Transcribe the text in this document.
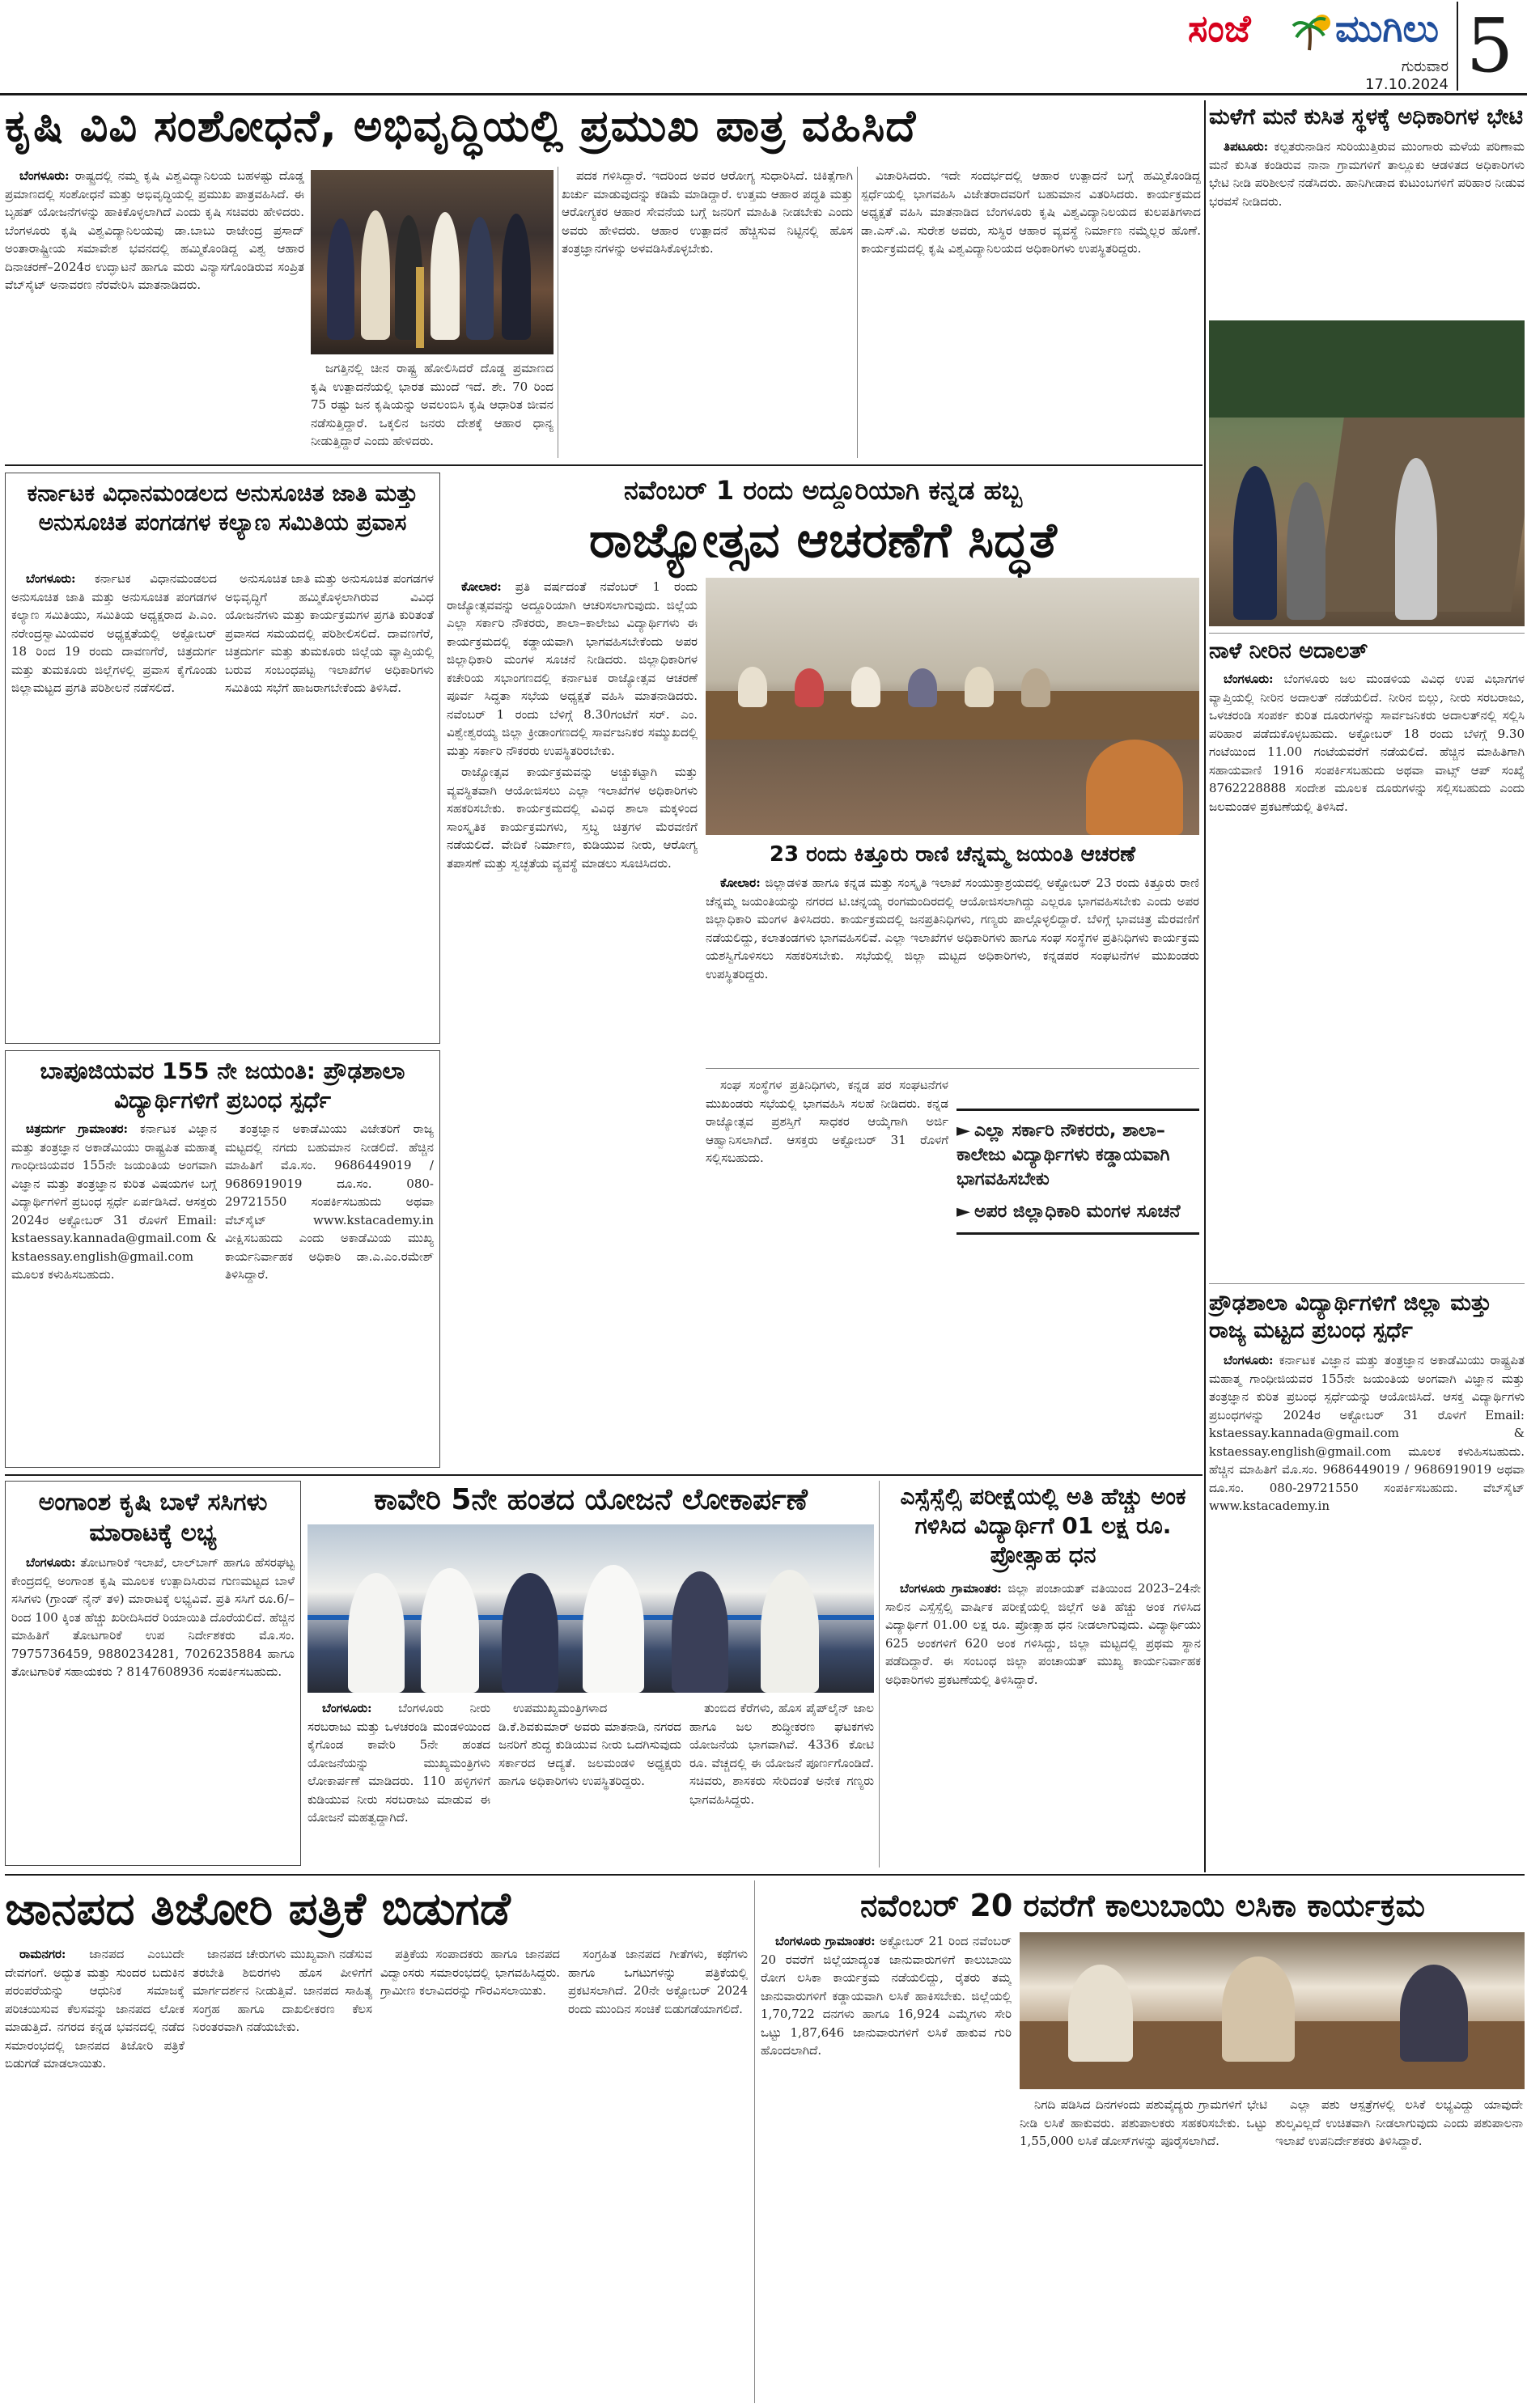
ಸಂಜೆ ಮುಗಿಲು
ಗುರುವಾರ
17.10.2024 5
ಕೃಷಿ ವಿವಿ ಸಂಶೋಧನೆ, ಅಭಿವೃದ್ಧಿಯಲ್ಲಿ ಪ್ರಮುಖ ಪಾತ್ರ ವಹಿಸಿದೆ

ಬೆಂಗಳೂರು: ರಾಷ್ಟ್ರದಲ್ಲಿ ನಮ್ಮ ಕೃಷಿ ವಿಶ್ವವಿದ್ಯಾನಿಲಯ ಬಹಳಷ್ಟು ದೊಡ್ಡ ಪ್ರಮಾಣದಲ್ಲಿ ಸಂಶೋಧನೆ ಮತ್ತು ಅಭಿವೃದ್ಧಿಯಲ್ಲಿ ಪ್ರಮುಖ ಪಾತ್ರವಹಿಸಿದೆ. ಈ ಬೃಹತ್ ಯೋಜನೆಗಳನ್ನು ಹಾಕಿಕೊಳ್ಳಲಾಗಿದೆ ಎಂದು ಕೃಷಿ ಸಚಿವರು ಹೇಳಿದರು. ಬೆಂಗಳೂರು ಕೃಷಿ ವಿಶ್ವವಿದ್ಯಾನಿಲಯವು ಡಾ.ಬಾಬು ರಾಜೇಂದ್ರ ಪ್ರಸಾದ್ ಅಂತಾರಾಷ್ಟ್ರೀಯ ಸಮಾವೇಶ ಭವನದಲ್ಲಿ ಹಮ್ಮಿಕೊಂಡಿದ್ದ ವಿಶ್ವ ಆಹಾರ ದಿನಾಚರಣೆ–2024ರ ಉದ್ಘಾಟನೆ ಹಾಗೂ ಮರು ವಿನ್ಯಾಸಗೊಂಡಿರುವ ಸಂಪ್ರಿತ ವೆಬ್‌ಸೈಟ್ ಅನಾವರಣ ನೆರವೇರಿಸಿ ಮಾತನಾಡಿದರು.

ಜಗತ್ತಿನಲ್ಲಿ ಚೀನ ರಾಷ್ಟ್ರ ಹೋಲಿಸಿದರೆ ದೊಡ್ಡ ಪ್ರಮಾಣದ ಕೃಷಿ ಉತ್ಪಾದನೆಯಲ್ಲಿ ಭಾರತ ಮುಂದೆ ಇದೆ. ಶೇ. 70 ರಿಂದ 75 ರಷ್ಟು ಜನ ಕೃಷಿಯನ್ನು ಅವಲಂಬಿಸಿ ಕೃಷಿ ಆಧಾರಿತ ಜೀವನ ನಡೆಸುತ್ತಿದ್ದಾರೆ. ಒಕ್ಕಲಿನ ಜನರು ದೇಶಕ್ಕೆ ಆಹಾರ ಧಾನ್ಯ ನೀಡುತ್ತಿದ್ದಾರೆ ಎಂದು ಹೇಳಿದರು.

ಪದಕ ಗಳಿಸಿದ್ದಾರೆ. ಇದರಿಂದ ಅವರ ಆರೋಗ್ಯ ಸುಧಾರಿಸಿದೆ. ಚಿಕಿತ್ಸೆಗಾಗಿ ಖರ್ಚು ಮಾಡುವುದನ್ನು ಕಡಿಮೆ ಮಾಡಿದ್ದಾರೆ. ಉತ್ತಮ ಆಹಾರ ಪದ್ಧತಿ ಮತ್ತು ಆರೋಗ್ಯಕರ ಆಹಾರ ಸೇವನೆಯ ಬಗ್ಗೆ ಜನರಿಗೆ ಮಾಹಿತಿ ನೀಡಬೇಕು ಎಂದು ಅವರು ಹೇಳಿದರು. ಆಹಾರ ಉತ್ಪಾದನೆ ಹೆಚ್ಚಿಸುವ ನಿಟ್ಟಿನಲ್ಲಿ ಹೊಸ ತಂತ್ರಜ್ಞಾನಗಳನ್ನು ಅಳವಡಿಸಿಕೊಳ್ಳಬೇಕು.

ವಿಚಾರಿಸಿದರು. ಇದೇ ಸಂದರ್ಭದಲ್ಲಿ ಆಹಾರ ಉತ್ಪಾದನೆ ಬಗ್ಗೆ ಹಮ್ಮಿಕೊಂಡಿದ್ದ ಸ್ಪರ್ಧೆಯಲ್ಲಿ ಭಾಗವಹಿಸಿ ವಿಜೇತರಾದವರಿಗೆ ಬಹುಮಾನ ವಿತರಿಸಿದರು. ಕಾರ್ಯಕ್ರಮದ ಅಧ್ಯಕ್ಷತೆ ವಹಿಸಿ ಮಾತನಾಡಿದ ಬೆಂಗಳೂರು ಕೃಷಿ ವಿಶ್ವವಿದ್ಯಾನಿಲಯದ ಕುಲಪತಿಗಳಾದ ಡಾ.ಎಸ್.ವಿ. ಸುರೇಶ ಅವರು, ಸುಸ್ಥಿರ ಆಹಾರ ವ್ಯವಸ್ಥೆ ನಿರ್ಮಾಣ ನಮ್ಮೆಲ್ಲರ ಹೊಣೆ. ಕಾರ್ಯಕ್ರಮದಲ್ಲಿ ಕೃಷಿ ವಿಶ್ವವಿದ್ಯಾನಿಲಯದ ಅಧಿಕಾರಿಗಳು ಉಪಸ್ಥಿತರಿದ್ದರು.

ಮಳೆಗೆ ಮನೆ ಕುಸಿತ ಸ್ಥಳಕ್ಕೆ ಅಧಿಕಾರಿಗಳ ಭೇಟಿ

ತಿಪಟೂರು: ಕಲ್ಪತರುನಾಡಿನ ಸುರಿಯುತ್ತಿರುವ ಮುಂಗಾರು ಮಳೆಯ ಪರಿಣಾಮ ಮನೆ ಕುಸಿತ ಕಂಡಿರುವ ನಾನಾ ಗ್ರಾಮಗಳಿಗೆ ತಾಲ್ಲೂಕು ಆಡಳಿತದ ಅಧಿಕಾರಿಗಳು ಭೇಟಿ ನೀಡಿ ಪರಿಶೀಲನೆ ನಡೆಸಿದರು. ಹಾನಿಗೀಡಾದ ಕುಟುಂಬಗಳಿಗೆ ಪರಿಹಾರ ನೀಡುವ ಭರವಸೆ ನೀಡಿದರು.

ನಾಳೆ ನೀರಿನ ಅದಾಲತ್

ಬೆಂಗಳೂರು: ಬೆಂಗಳೂರು ಜಲ ಮಂಡಳಿಯ ವಿವಿಧ ಉಪ ವಿಭಾಗಗಳ ವ್ಯಾಪ್ತಿಯಲ್ಲಿ ನೀರಿನ ಅದಾಲತ್ ನಡೆಯಲಿದೆ. ನೀರಿನ ಬಿಲ್ಲು, ನೀರು ಸರಬರಾಜು, ಒಳಚರಂಡಿ ಸಂಪರ್ಕ ಕುರಿತ ದೂರುಗಳನ್ನು ಸಾರ್ವಜನಿಕರು ಅದಾಲತ್‌ನಲ್ಲಿ ಸಲ್ಲಿಸಿ ಪರಿಹಾರ ಪಡೆದುಕೊಳ್ಳಬಹುದು. ಅಕ್ಟೋಬರ್ 18 ರಂದು ಬೆಳಗ್ಗೆ 9.30 ಗಂಟೆಯಿಂದ 11.00 ಗಂಟೆಯವರೆಗೆ ನಡೆಯಲಿದೆ. ಹೆಚ್ಚಿನ ಮಾಹಿತಿಗಾಗಿ ಸಹಾಯವಾಣಿ 1916 ಸಂಪರ್ಕಿಸಬಹುದು ಅಥವಾ ವಾಟ್ಸ್ ಆಪ್ ಸಂಖ್ಯೆ 8762228888 ಸಂದೇಶ ಮೂಲಕ ದೂರುಗಳನ್ನು ಸಲ್ಲಿಸಬಹುದು ಎಂದು ಜಲಮಂಡಳಿ ಪ್ರಕಟಣೆಯಲ್ಲಿ ತಿಳಿಸಿದೆ.

ಪ್ರೌಢಶಾಲಾ ವಿದ್ಯಾರ್ಥಿಗಳಿಗೆ ಜಿಲ್ಲಾ ಮತ್ತು ರಾಜ್ಯ ಮಟ್ಟದ ಪ್ರಬಂಧ ಸ್ಪರ್ಧೆ

ಬೆಂಗಳೂರು: ಕರ್ನಾಟಕ ವಿಜ್ಞಾನ ಮತ್ತು ತಂತ್ರಜ್ಞಾನ ಅಕಾಡೆಮಿಯು ರಾಷ್ಟ್ರಪಿತ ಮಹಾತ್ಮ ಗಾಂಧೀಜಿಯವರ 155ನೇ ಜಯಂತಿಯ ಅಂಗವಾಗಿ ವಿಜ್ಞಾನ ಮತ್ತು ತಂತ್ರಜ್ಞಾನ ಕುರಿತ ಪ್ರಬಂಧ ಸ್ಪರ್ಧೆಯನ್ನು ಆಯೋಜಿಸಿದೆ. ಆಸಕ್ತ ವಿದ್ಯಾರ್ಥಿಗಳು ಪ್ರಬಂಧಗಳನ್ನು 2024ರ ಅಕ್ಟೋಬರ್ 31 ರೊಳಗೆ Email: kstaessay.kannada@gmail.com & kstaessay.english@gmail.com ಮೂಲಕ ಕಳುಹಿಸಬಹುದು. ಹೆಚ್ಚಿನ ಮಾಹಿತಿಗೆ ಮೊ.ಸಂ. 9686449019 / 9686919019 ಅಥವಾ ದೂ.ಸಂ. 080-29721550 ಸಂಪರ್ಕಿಸಬಹುದು. ವೆಬ್‌ಸೈಟ್ www.kstacademy.in

ಕರ್ನಾಟಕ ವಿಧಾನಮಂಡಲದ ಅನುಸೂಚಿತ ಜಾತಿ ಮತ್ತು ಅನುಸೂಚಿತ ಪಂಗಡಗಳ ಕಲ್ಯಾಣ ಸಮಿತಿಯ ಪ್ರವಾಸ

ಬೆಂಗಳೂರು: ಕರ್ನಾಟಕ ವಿಧಾನಮಂಡಲದ ಅನುಸೂಚಿತ ಜಾತಿ ಮತ್ತು ಅನುಸೂಚಿತ ಪಂಗಡಗಳ ಕಲ್ಯಾಣ ಸಮಿತಿಯು, ಸಮಿತಿಯ ಅಧ್ಯಕ್ಷರಾದ ಪಿ.ಎಂ. ನರೇಂದ್ರಸ್ವಾಮಿಯವರ ಅಧ್ಯಕ್ಷತೆಯಲ್ಲಿ ಅಕ್ಟೋಬರ್ 18 ರಿಂದ 19 ರಂದು ದಾವಣಗೆರೆ, ಚಿತ್ರದುರ್ಗ ಮತ್ತು ತುಮಕೂರು ಜಿಲ್ಲೆಗಳಲ್ಲಿ ಪ್ರವಾಸ ಕೈಗೊಂಡು ಜಿಲ್ಲಾಮಟ್ಟದ ಪ್ರಗತಿ ಪರಿಶೀಲನೆ ನಡೆಸಲಿದೆ.

ಅನುಸೂಚಿತ ಜಾತಿ ಮತ್ತು ಅನುಸೂಚಿತ ಪಂಗಡಗಳ ಅಭಿವೃದ್ಧಿಗೆ ಹಮ್ಮಿಕೊಳ್ಳಲಾಗಿರುವ ವಿವಿಧ ಯೋಜನೆಗಳು ಮತ್ತು ಕಾರ್ಯಕ್ರಮಗಳ ಪ್ರಗತಿ ಕುರಿತಂತೆ ಪ್ರವಾಸದ ಸಮಯದಲ್ಲಿ ಪರಿಶೀಲಿಸಲಿದೆ. ದಾವಣಗೆರೆ, ಚಿತ್ರದುರ್ಗ ಮತ್ತು ತುಮಕೂರು ಜಿಲ್ಲೆಯ ವ್ಯಾಪ್ತಿಯಲ್ಲಿ ಬರುವ ಸಂಬಂಧಪಟ್ಟ ಇಲಾಖೆಗಳ ಅಧಿಕಾರಿಗಳು ಸಮಿತಿಯ ಸಭೆಗೆ ಹಾಜರಾಗಬೇಕೆಂದು ತಿಳಿಸಿದೆ.

ಬಾಪೂಜಿಯವರ 155 ನೇ ಜಯಂತಿ: ಪ್ರೌಢಶಾಲಾ ವಿದ್ಯಾರ್ಥಿಗಳಿಗೆ ಪ್ರಬಂಧ ಸ್ಪರ್ಧೆ

ಚಿತ್ರದುರ್ಗ ಗ್ರಾಮಾಂತರ: ಕರ್ನಾಟಕ ವಿಜ್ಞಾನ ಮತ್ತು ತಂತ್ರಜ್ಞಾನ ಅಕಾಡೆಮಿಯು ರಾಷ್ಟ್ರಪಿತ ಮಹಾತ್ಮ ಗಾಂಧೀಜಿಯವರ 155ನೇ ಜಯಂತಿಯ ಅಂಗವಾಗಿ ವಿಜ್ಞಾನ ಮತ್ತು ತಂತ್ರಜ್ಞಾನ ಕುರಿತ ವಿಷಯಗಳ ಬಗ್ಗೆ ವಿದ್ಯಾರ್ಥಿಗಳಿಗೆ ಪ್ರಬಂಧ ಸ್ಪರ್ಧೆ ಏರ್ಪಡಿಸಿದೆ. ಆಸಕ್ತರು 2024ರ ಅಕ್ಟೋಬರ್ 31 ರೊಳಗೆ Email: kstaessay.kannada@gmail.com & kstaessay.english@gmail.com ಮೂಲಕ ಕಳುಹಿಸಬಹುದು.

ತಂತ್ರಜ್ಞಾನ ಅಕಾಡೆಮಿಯು ವಿಜೇತರಿಗೆ ರಾಜ್ಯ ಮಟ್ಟದಲ್ಲಿ ನಗದು ಬಹುಮಾನ ನೀಡಲಿದೆ. ಹೆಚ್ಚಿನ ಮಾಹಿತಿಗೆ ಮೊ.ಸಂ. 9686449019 / 9686919019 ದೂ.ಸಂ. 080-29721550 ಸಂಪರ್ಕಿಸಬಹುದು ಅಥವಾ ವೆಬ್‌ಸೈಟ್ www.kstacademy.in ವೀಕ್ಷಿಸಬಹುದು ಎಂದು ಅಕಾಡೆಮಿಯ ಮುಖ್ಯ ಕಾರ್ಯನಿರ್ವಾಹಕ ಅಧಿಕಾರಿ ಡಾ.ಎ.ಎಂ.ರಮೇಶ್ ತಿಳಿಸಿದ್ದಾರೆ.

ನವೆಂಬರ್ 1 ರಂದು ಅದ್ದೂರಿಯಾಗಿ ಕನ್ನಡ ಹಬ್ಬ
ರಾಜ್ಯೋತ್ಸವ ಆಚರಣೆಗೆ ಸಿದ್ಧತೆ

ಕೋಲಾರ: ಪ್ರತಿ ವರ್ಷದಂತೆ ನವೆಂಬರ್ 1 ರಂದು ರಾಜ್ಯೋತ್ಸವವನ್ನು ಅದ್ದೂರಿಯಾಗಿ ಆಚರಿಸಲಾಗುವುದು. ಜಿಲ್ಲೆಯ ಎಲ್ಲಾ ಸರ್ಕಾರಿ ನೌಕರರು, ಶಾಲಾ–ಕಾಲೇಜು ವಿದ್ಯಾರ್ಥಿಗಳು ಈ ಕಾರ್ಯಕ್ರಮದಲ್ಲಿ ಕಡ್ಡಾಯವಾಗಿ ಭಾಗವಹಿಸಬೇಕೆಂದು ಅಪರ ಜಿಲ್ಲಾಧಿಕಾರಿ ಮಂಗಳ ಸೂಚನೆ ನೀಡಿದರು. ಜಿಲ್ಲಾಧಿಕಾರಿಗಳ ಕಚೇರಿಯ ಸಭಾಂಗಣದಲ್ಲಿ ಕರ್ನಾಟಕ ರಾಜ್ಯೋತ್ಸವ ಆಚರಣೆ ಪೂರ್ವ ಸಿದ್ಧತಾ ಸಭೆಯ ಅಧ್ಯಕ್ಷತೆ ವಹಿಸಿ ಮಾತನಾಡಿದರು. ನವೆಂಬರ್ 1 ರಂದು ಬೆಳಿಗ್ಗೆ 8.30ಗಂಟೆಗೆ ಸರ್. ಎಂ. ವಿಶ್ವೇಶ್ವರಯ್ಯ ಜಿಲ್ಲಾ ಕ್ರೀಡಾಂಗಣದಲ್ಲಿ ಸಾರ್ವಜನಿಕರ ಸಮ್ಮುಖದಲ್ಲಿ ಮತ್ತು ಸರ್ಕಾರಿ ನೌಕರರು ಉಪಸ್ಥಿತರಿರಬೇಕು.

ರಾಜ್ಯೋತ್ಸವ ಕಾರ್ಯಕ್ರಮವನ್ನು ಅಚ್ಚುಕಟ್ಟಾಗಿ ಮತ್ತು ವ್ಯವಸ್ಥಿತವಾಗಿ ಆಯೋಜಿಸಲು ಎಲ್ಲಾ ಇಲಾಖೆಗಳ ಅಧಿಕಾರಿಗಳು ಸಹಕರಿಸಬೇಕು. ಕಾರ್ಯಕ್ರಮದಲ್ಲಿ ವಿವಿಧ ಶಾಲಾ ಮಕ್ಕಳಿಂದ ಸಾಂಸ್ಕೃತಿಕ ಕಾರ್ಯಕ್ರಮಗಳು, ಸ್ತಬ್ಧ ಚಿತ್ರಗಳ ಮೆರವಣಿಗೆ ನಡೆಯಲಿದೆ. ವೇದಿಕೆ ನಿರ್ಮಾಣ, ಕುಡಿಯುವ ನೀರು, ಆರೋಗ್ಯ ತಪಾಸಣೆ ಮತ್ತು ಸ್ವಚ್ಛತೆಯ ವ್ಯವಸ್ಥೆ ಮಾಡಲು ಸೂಚಿಸಿದರು.	23 ರಂದು ಕಿತ್ತೂರು ರಾಣಿ ಚೆನ್ನಮ್ಮ ಜಯಂತಿ ಆಚರಣೆ

ಕೋಲಾರ: ಜಿಲ್ಲಾಡಳಿತ ಹಾಗೂ ಕನ್ನಡ ಮತ್ತು ಸಂಸ್ಕೃತಿ ಇಲಾಖೆ ಸಂಯುಕ್ತಾಶ್ರಯದಲ್ಲಿ ಅಕ್ಟೋಬರ್ 23 ರಂದು ಕಿತ್ತೂರು ರಾಣಿ ಚೆನ್ನಮ್ಮ ಜಯಂತಿಯನ್ನು ನಗರದ ಟಿ.ಚನ್ನಯ್ಯ ರಂಗಮಂದಿರದಲ್ಲಿ ಆಯೋಜಿಸಲಾಗಿದ್ದು ಎಲ್ಲರೂ ಭಾಗವಹಿಸಬೇಕು ಎಂದು ಅಪರ ಜಿಲ್ಲಾಧಿಕಾರಿ ಮಂಗಳ ತಿಳಿಸಿದರು. ಕಾರ್ಯಕ್ರಮದಲ್ಲಿ ಜನಪ್ರತಿನಿಧಿಗಳು, ಗಣ್ಯರು ಪಾಲ್ಗೊಳ್ಳಲಿದ್ದಾರೆ. ಬೆಳಿಗ್ಗೆ ಭಾವಚಿತ್ರ ಮೆರವಣಿಗೆ ನಡೆಯಲಿದ್ದು, ಕಲಾತಂಡಗಳು ಭಾಗವಹಿಸಲಿವೆ. ಎಲ್ಲಾ ಇಲಾಖೆಗಳ ಅಧಿಕಾರಿಗಳು ಹಾಗೂ ಸಂಘ ಸಂಸ್ಥೆಗಳ ಪ್ರತಿನಿಧಿಗಳು ಕಾರ್ಯಕ್ರಮ ಯಶಸ್ವಿಗೊಳಿಸಲು ಸಹಕರಿಸಬೇಕು. ಸಭೆಯಲ್ಲಿ ಜಿಲ್ಲಾ ಮಟ್ಟದ ಅಧಿಕಾರಿಗಳು, ಕನ್ನಡಪರ ಸಂಘಟನೆಗಳ ಮುಖಂಡರು ಉಪಸ್ಥಿತರಿದ್ದರು.

ಸಂಘ ಸಂಸ್ಥೆಗಳ ಪ್ರತಿನಿಧಿಗಳು, ಕನ್ನಡ ಪರ ಸಂಘಟನೆಗಳ ಮುಖಂಡರು ಸಭೆಯಲ್ಲಿ ಭಾಗವಹಿಸಿ ಸಲಹೆ ನೀಡಿದರು. ಕನ್ನಡ ರಾಜ್ಯೋತ್ಸವ ಪ್ರಶಸ್ತಿಗೆ ಸಾಧಕರ ಆಯ್ಕೆಗಾಗಿ ಅರ್ಜಿ ಆಹ್ವಾನಿಸಲಾಗಿದೆ. ಆಸಕ್ತರು ಅಕ್ಟೋಬರ್ 31 ರೊಳಗೆ ಸಲ್ಲಿಸಬಹುದು.

► ಎಲ್ಲಾ ಸರ್ಕಾರಿ ನೌಕರರು, ಶಾಲಾ–ಕಾಲೇಜು ವಿದ್ಯಾರ್ಥಿಗಳು ಕಡ್ಡಾಯವಾಗಿ ಭಾಗವಹಿಸಬೇಕು
► ಅಪರ ಜಿಲ್ಲಾಧಿಕಾರಿ ಮಂಗಳ ಸೂಚನೆ
ಅಂಗಾಂಶ ಕೃಷಿ ಬಾಳೆ ಸಸಿಗಳು ಮಾರಾಟಕ್ಕೆ ಲಭ್ಯ

ಬೆಂಗಳೂರು: ತೋಟಗಾರಿಕೆ ಇಲಾಖೆ, ಲಾಲ್‌ಬಾಗ್ ಹಾಗೂ ಹೆಸರಘಟ್ಟ ಕೇಂದ್ರದಲ್ಲಿ ಅಂಗಾಂಶ ಕೃಷಿ ಮೂಲಕ ಉತ್ಪಾದಿಸಿರುವ ಗುಣಮಟ್ಟದ ಬಾಳೆ ಸಸಿಗಳು (ಗ್ರಾಂಡ್ ನೈನ್ ತಳಿ) ಮಾರಾಟಕ್ಕೆ ಲಭ್ಯವಿವೆ. ಪ್ರತಿ ಸಸಿಗೆ ರೂ.6/– ರಿಂದ 100 ಕ್ಕಿಂತ ಹೆಚ್ಚು ಖರೀದಿಸಿದರೆ ರಿಯಾಯಿತಿ ದೊರೆಯಲಿದೆ. ಹೆಚ್ಚಿನ ಮಾಹಿತಿಗೆ ತೋಟಗಾರಿಕೆ ಉಪ ನಿರ್ದೇಶಕರು ಮೊ.ಸಂ. 7975736459, 9880234281, 7026235884 ಹಾಗೂ ತೋಟಗಾರಿಕೆ ಸಹಾಯಕರು ? 8147608936 ಸಂಪರ್ಕಿಸಬಹುದು.

ಕಾವೇರಿ 5ನೇ ಹಂತದ ಯೋಜನೆ ಲೋಕಾರ್ಪಣೆ

ಬೆಂಗಳೂರು: ಬೆಂಗಳೂರು ನೀರು ಸರಬರಾಜು ಮತ್ತು ಒಳಚರಂಡಿ ಮಂಡಳಿಯಿಂದ ಕೈಗೊಂಡ ಕಾವೇರಿ 5ನೇ ಹಂತದ ಯೋಜನೆಯನ್ನು ಮುಖ್ಯಮಂತ್ರಿಗಳು ಲೋಕಾರ್ಪಣೆ ಮಾಡಿದರು. 110 ಹಳ್ಳಿಗಳಿಗೆ ಕುಡಿಯುವ ನೀರು ಸರಬರಾಜು ಮಾಡುವ ಈ ಯೋಜನೆ ಮಹತ್ವದ್ದಾಗಿದೆ.

ಉಪಮುಖ್ಯಮಂತ್ರಿಗಳಾದ ಡಿ.ಕೆ.ಶಿವಕುಮಾರ್ ಅವರು ಮಾತನಾಡಿ, ನಗರದ ಜನರಿಗೆ ಶುದ್ಧ ಕುಡಿಯುವ ನೀರು ಒದಗಿಸುವುದು ಸರ್ಕಾರದ ಆದ್ಯತೆ. ಜಲಮಂಡಳಿ ಅಧ್ಯಕ್ಷರು ಹಾಗೂ ಅಧಿಕಾರಿಗಳು ಉಪಸ್ಥಿತರಿದ್ದರು.

ತುಂಬಿದ ಕೆರೆಗಳು, ಹೊಸ ಪೈಪ್‌ಲೈನ್ ಜಾಲ ಹಾಗೂ ಜಲ ಶುದ್ಧೀಕರಣ ಘಟಕಗಳು ಯೋಜನೆಯ ಭಾಗವಾಗಿವೆ. 4336 ಕೋಟಿ ರೂ. ವೆಚ್ಚದಲ್ಲಿ ಈ ಯೋಜನೆ ಪೂರ್ಣಗೊಂಡಿದೆ. ಸಚಿವರು, ಶಾಸಕರು ಸೇರಿದಂತೆ ಅನೇಕ ಗಣ್ಯರು ಭಾಗವಹಿಸಿದ್ದರು.

ಎಸ್ಸೆಸ್ಸೆಲ್ಸಿ ಪರೀಕ್ಷೆಯಲ್ಲಿ ಅತಿ ಹೆಚ್ಚು ಅಂಕ ಗಳಿಸಿದ ವಿದ್ಯಾರ್ಥಿಗೆ 01 ಲಕ್ಷ ರೂ. ಪ್ರೋತ್ಸಾಹ ಧನ

ಬೆಂಗಳೂರು ಗ್ರಾಮಾಂತರ: ಜಿಲ್ಲಾ ಪಂಚಾಯತ್ ವತಿಯಿಂದ 2023–24ನೇ ಸಾಲಿನ ಎಸ್ಸೆಸ್ಸೆಲ್ಸಿ ವಾರ್ಷಿಕ ಪರೀಕ್ಷೆಯಲ್ಲಿ ಜಿಲ್ಲೆಗೆ ಅತಿ ಹೆಚ್ಚು ಅಂಕ ಗಳಿಸಿದ ವಿದ್ಯಾರ್ಥಿಗೆ 01.00 ಲಕ್ಷ ರೂ. ಪ್ರೋತ್ಸಾಹ ಧನ ನೀಡಲಾಗುವುದು. ವಿದ್ಯಾರ್ಥಿಯು 625 ಅಂಕಗಳಿಗೆ 620 ಅಂಕ ಗಳಿಸಿದ್ದು, ಜಿಲ್ಲಾ ಮಟ್ಟದಲ್ಲಿ ಪ್ರಥಮ ಸ್ಥಾನ ಪಡೆದಿದ್ದಾರೆ. ಈ ಸಂಬಂಧ ಜಿಲ್ಲಾ ಪಂಚಾಯತ್ ಮುಖ್ಯ ಕಾರ್ಯನಿರ್ವಾಹಕ ಅಧಿಕಾರಿಗಳು ಪ್ರಕಟಣೆಯಲ್ಲಿ ತಿಳಿಸಿದ್ದಾರೆ.

ಜಾನಪದ ತಿಜೋರಿ ಪತ್ರಿಕೆ ಬಿಡುಗಡೆ

ರಾಮನಗರ: ಜಾನಪದ ಎಂಬುದೇ ದೇವಗಂಗೆ. ಅದ್ಭುತ ಮತ್ತು ಸುಂದರ ಬದುಕಿನ ಪರಂಪರೆಯನ್ನು ಆಧುನಿಕ ಸಮಾಜಕ್ಕೆ ಪರಿಚಯಿಸುವ ಕೆಲಸವನ್ನು ಜಾನಪದ ಲೋಕ ಮಾಡುತ್ತಿದೆ. ನಗರದ ಕನ್ನಡ ಭವನದಲ್ಲಿ ನಡೆದ ಸಮಾರಂಭದಲ್ಲಿ ಜಾನಪದ ತಿಜೋರಿ ಪತ್ರಿಕೆ ಬಿಡುಗಡೆ ಮಾಡಲಾಯಿತು.

ಜಾನಪದ ಚೇರುಗಳು ಮುಖ್ಯವಾಗಿ ನಡೆಸುವ ತರಬೇತಿ ಶಿಬಿರಗಳು ಹೊಸ ಪೀಳಿಗೆಗೆ ಮಾರ್ಗದರ್ಶನ ನೀಡುತ್ತಿವೆ. ಜಾನಪದ ಸಾಹಿತ್ಯ ಸಂಗ್ರಹ ಹಾಗೂ ದಾಖಲೀಕರಣ ಕೆಲಸ ನಿರಂತರವಾಗಿ ನಡೆಯಬೇಕು.

ಪತ್ರಿಕೆಯ ಸಂಪಾದಕರು ಹಾಗೂ ಜಾನಪದ ವಿದ್ವಾಂಸರು ಸಮಾರಂಭದಲ್ಲಿ ಭಾಗವಹಿಸಿದ್ದರು. ಗ್ರಾಮೀಣ ಕಲಾವಿದರನ್ನು ಗೌರವಿಸಲಾಯಿತು.

ಸಂಗ್ರಹಿತ ಜಾನಪದ ಗೀತೆಗಳು, ಕಥೆಗಳು ಹಾಗೂ ಒಗಟುಗಳನ್ನು ಪತ್ರಿಕೆಯಲ್ಲಿ ಪ್ರಕಟಿಸಲಾಗಿದೆ. 20ನೇ ಅಕ್ಟೋಬರ್ 2024 ರಂದು ಮುಂದಿನ ಸಂಚಿಕೆ ಬಿಡುಗಡೆಯಾಗಲಿದೆ.

ನವೆಂಬರ್ 20 ರವರೆಗೆ ಕಾಲುಬಾಯಿ ಲಸಿಕಾ ಕಾರ್ಯಕ್ರಮ

ಬೆಂಗಳೂರು ಗ್ರಾಮಾಂತರ: ಅಕ್ಟೋಬರ್ 21 ರಿಂದ ನವೆಂಬರ್ 20 ರವರೆಗೆ ಜಿಲ್ಲೆಯಾದ್ಯಂತ ಜಾನುವಾರುಗಳಿಗೆ ಕಾಲುಬಾಯಿ ರೋಗ ಲಸಿಕಾ ಕಾರ್ಯಕ್ರಮ ನಡೆಯಲಿದ್ದು, ರೈತರು ತಮ್ಮ ಜಾನುವಾರುಗಳಿಗೆ ಕಡ್ಡಾಯವಾಗಿ ಲಸಿಕೆ ಹಾಕಿಸಬೇಕು. ಜಿಲ್ಲೆಯಲ್ಲಿ 1,70,722 ದನಗಳು ಹಾಗೂ 16,924 ಎಮ್ಮೆಗಳು ಸೇರಿ ಒಟ್ಟು 1,87,646 ಜಾನುವಾರುಗಳಿಗೆ ಲಸಿಕೆ ಹಾಕುವ ಗುರಿ ಹೊಂದಲಾಗಿದೆ.

ನಿಗದಿ ಪಡಿಸಿದ ದಿನಗಳಂದು ಪಶುವೈದ್ಯರು ಗ್ರಾಮಗಳಿಗೆ ಭೇಟಿ ನೀಡಿ ಲಸಿಕೆ ಹಾಕುವರು. ಪಶುಪಾಲಕರು ಸಹಕರಿಸಬೇಕು. ಒಟ್ಟು 1,55,000 ಲಸಿಕೆ ಡೋಸ್‌ಗಳನ್ನು ಪೂರೈಸಲಾಗಿದೆ.

ಎಲ್ಲಾ ಪಶು ಆಸ್ಪತ್ರೆಗಳಲ್ಲಿ ಲಸಿಕೆ ಲಭ್ಯವಿದ್ದು ಯಾವುದೇ ಶುಲ್ಕವಿಲ್ಲದೆ ಉಚಿತವಾಗಿ ನೀಡಲಾಗುವುದು ಎಂದು ಪಶುಪಾಲನಾ ಇಲಾಖೆ ಉಪನಿರ್ದೇಶಕರು ತಿಳಿಸಿದ್ದಾರೆ.
